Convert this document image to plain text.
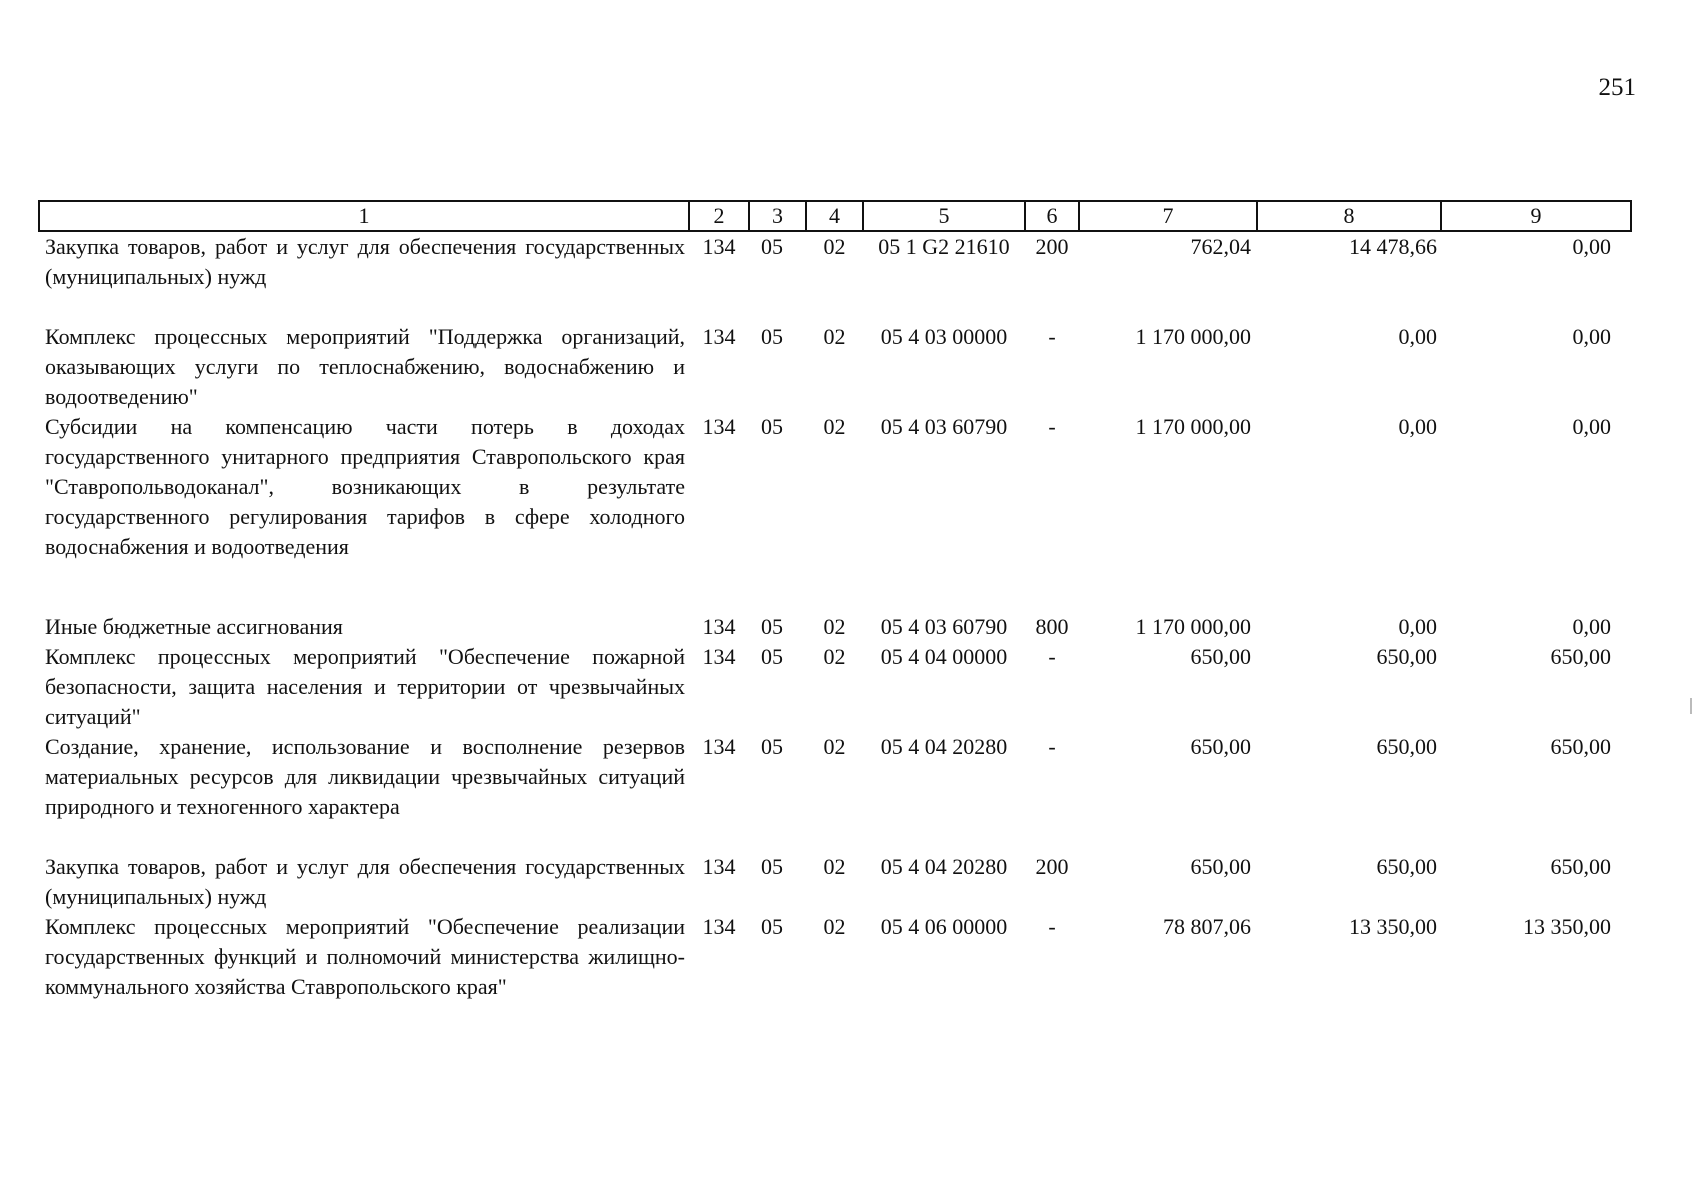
251
1	2	3	4	5	6	7	8	9
Закупка товаров, работ и услуг для обеспечения государственных (муниципальных) нужд	134	05	02	05 1 G2 21610	200	762,04	14 478,66	0,00
Комплекс процессных мероприятий "Поддержка организаций, оказывающих услуги по теплоснабжению, водоснабжению и водоотведению"	134	05	02	05 4 03 00000	-	1 170 000,00	0,00	0,00
Субсидии на компенсацию части потерь в доходах государственного унитарного предприятия Ставропольского края "Ставропольводоканал", возникающих в результате государственного регулирования тарифов в сфере холодного водоснабжения и водоотведения	134	05	02	05 4 03 60790	-	1 170 000,00	0,00	0,00
Иные бюджетные ассигнования	134	05	02	05 4 03 60790	800	1 170 000,00	0,00	0,00
Комплекс процессных мероприятий "Обеспечение пожарной безопасности, защита населения и территории от чрезвычайных ситуаций"	134	05	02	05 4 04 00000	-	650,00	650,00	650,00
Создание, хранение, использование и восполнение резервов материальных ресурсов для ликвидации чрезвычайных ситуаций природного и техногенного характера	134	05	02	05 4 04 20280	-	650,00	650,00	650,00
Закупка товаров, работ и услуг для обеспечения государственных (муниципальных) нужд	134	05	02	05 4 04 20280	200	650,00	650,00	650,00
Комплекс процессных мероприятий "Обеспечение реализации государственных функций и полномочий министерства жилищно-коммунального хозяйства Ставропольского края"	134	05	02	05 4 06 00000	-	78 807,06	13 350,00	13 350,00
